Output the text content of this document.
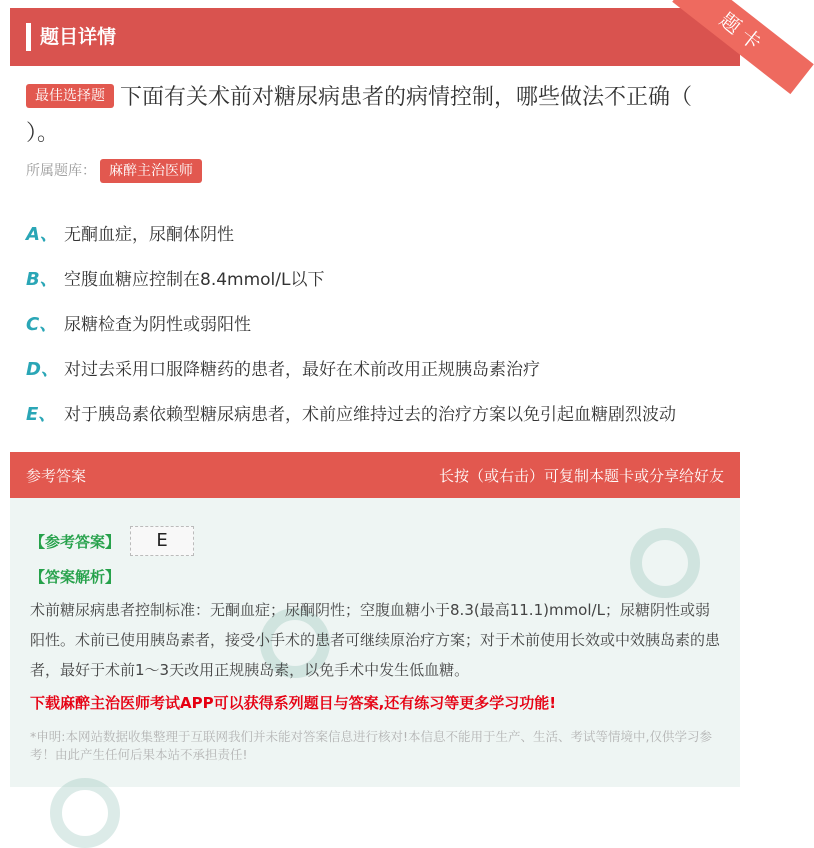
题目详情	题卡
最佳选择题 下面有关术前对糖尿病患者的病情控制，哪些做法不正确（ ）。
所属题库： 麻醉主治医师
A、 无酮血症，尿酮体阴性
B、 空腹血糖应控制在8.4mmol/L以下
C、 尿糖检查为阴性或弱阳性
D、 对过去采用口服降糖药的患者，最好在术前改用正规胰岛素治疗
E、 对于胰岛素依赖型糖尿病患者，术前应维持过去的治疗方案以免引起血糖剧烈波动
参考答案	长按（或右击）可复制本题卡或分享给好友
【参考答案】	E
【答案解析】
术前糖尿病患者控制标准：无酮血症；尿酮阴性；空腹血糖小于8.3(最高11.1)mmol/L；尿糖阴性或弱阳性。术前已使用胰岛素者，接受小手术的患者可继续原治疗方案；对于术前使用长效或中效胰岛素的患者，最好于术前1～3天改用正规胰岛素，以免手术中发生低血糖。
下载麻醉主治医师考试APP可以获得系列题目与答案,还有练习等更多学习功能!
*申明:本网站数据收集整理于互联网我们并未能对答案信息进行核对!本信息不能用于生产、生活、考试等情境中,仅供学习参考！由此产生任何后果本站不承担责任!
